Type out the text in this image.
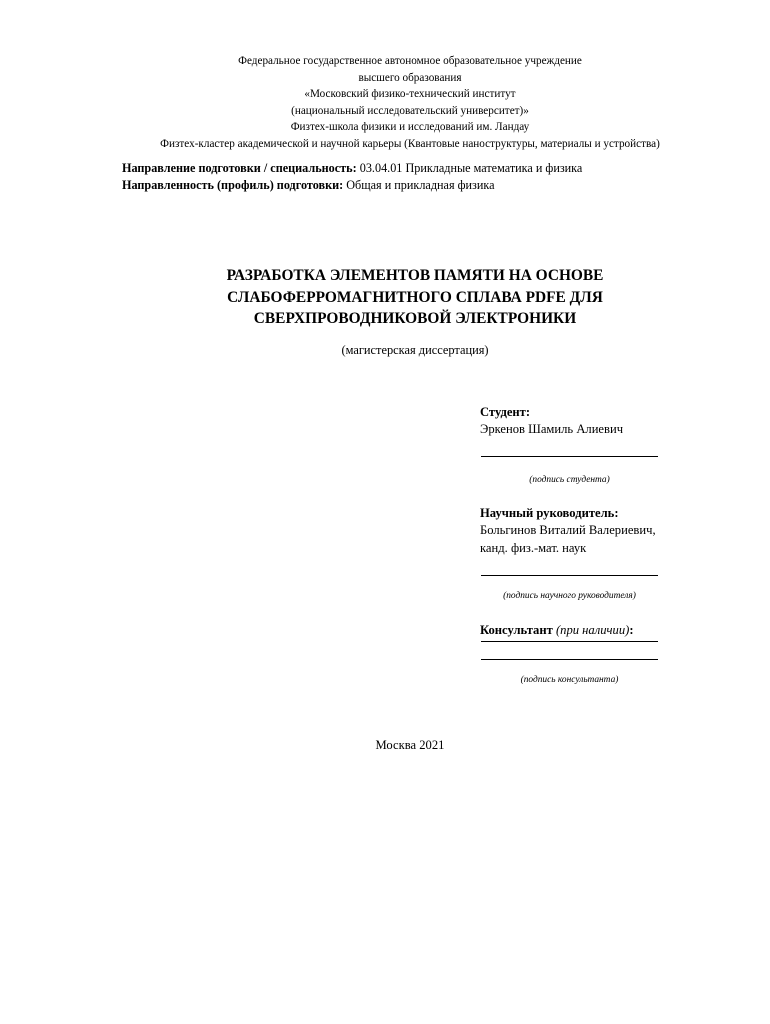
Федеральное государственное автономное образовательное учреждение
высшего образования
«Московский физико-технический институт
(национальный исследовательский университет)»
Физтех-школа физики и исследований им. Ландау
Физтех-кластер академической и научной карьеры (Квантовые наноструктуры, материалы и устройства)
Направление подготовки / специальность: 03.04.01 Прикладные математика и физика
Направленность (профиль) подготовки: Общая и прикладная физика
РАЗРАБОТКА ЭЛЕМЕНТОВ ПАМЯТИ НА ОСНОВЕ
СЛАБОФЕРРОМАГНИТНОГО СПЛАВА PDFE ДЛЯ
СВЕРХПРОВОДНИКОВОЙ ЭЛЕКТРОНИКИ
(магистерская диссертация)
Студент:
Эркенов Шамиль Алиевич
(подпись студента)
Научный руководитель:
Больгинов Виталий Валериевич,
канд. физ.-мат. наук
(подпись научного руководителя)
Консультант (при наличии):
(подпись консультанта)
Москва 2021
